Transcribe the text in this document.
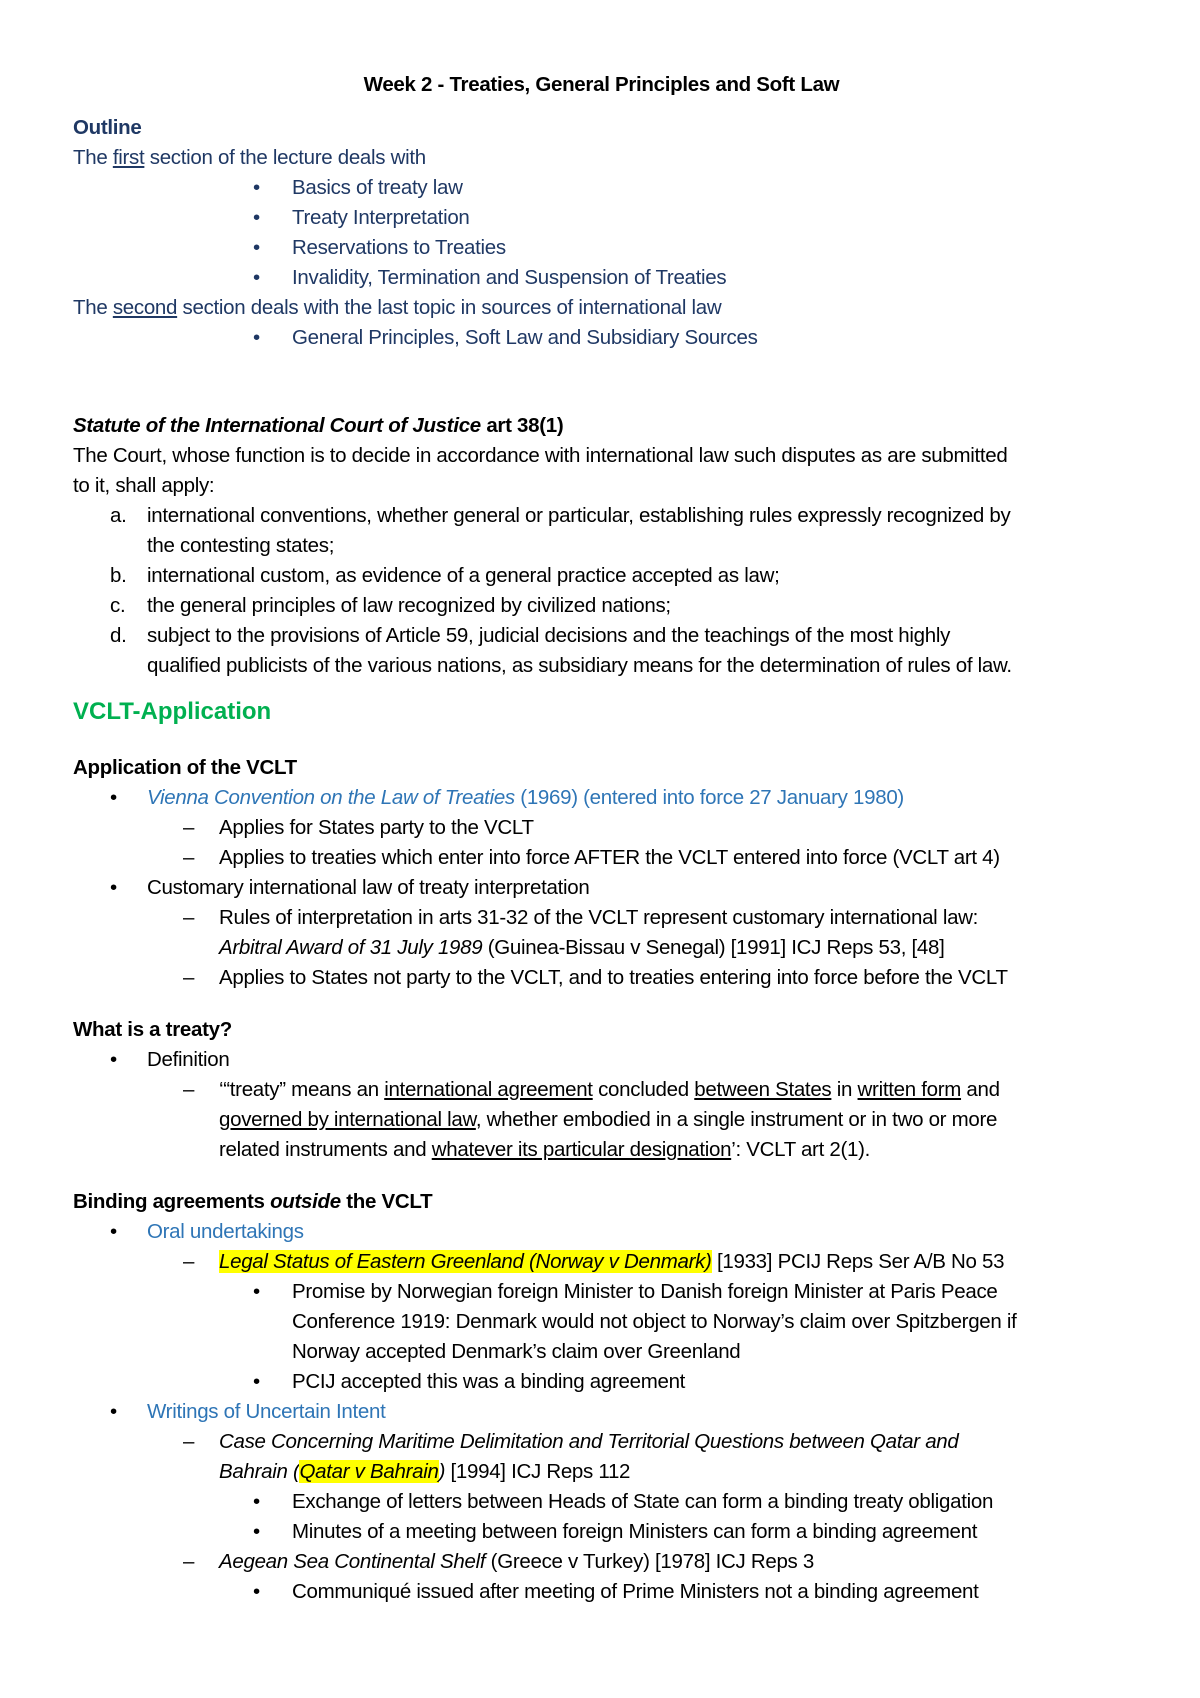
Week 2 - Treaties, General Principles and Soft Law

Outline

The first section of the lecture deals with

• Basics of treaty law

• Treaty Interpretation

• Reservations to Treaties

• Invalidity, Termination and Suspension of Treaties

The second section deals with the last topic in sources of international law

• General Principles, Soft Law and Subsidiary Sources

Statute of the International Court of Justice art 38(1)

The Court, whose function is to decide in accordance with international law such disputes as are submitted

to it, shall apply:

a. international conventions, whether general or particular, establishing rules expressly recognized by

the contesting states;

b. international custom, as evidence of a general practice accepted as law;

c. the general principles of law recognized by civilized nations;

d. subject to the provisions of Article 59, judicial decisions and the teachings of the most highly

qualified publicists of the various nations, as subsidiary means for the determination of rules of law.

VCLT-Application

Application of the VCLT

• Vienna Convention on the Law of Treaties (1969) (entered into force 27 January 1980)

– Applies for States party to the VCLT

– Applies to treaties which enter into force AFTER the VCLT entered into force (VCLT art 4)

• Customary international law of treaty interpretation

– Rules of interpretation in arts 31-32 of the VCLT represent customary international law:

Arbitral Award of 31 July 1989 (Guinea-Bissau v Senegal) [1991] ICJ Reps 53, [48]

– Applies to States not party to the VCLT, and to treaties entering into force before the VCLT

What is a treaty?

• Definition

– ‘“treaty” means an international agreement concluded between States in written form and

governed by international law, whether embodied in a single instrument or in two or more

related instruments and whatever its particular designation’: VCLT art 2(1).

Binding agreements outside the VCLT

• Oral undertakings

– Legal Status of Eastern Greenland (Norway v Denmark) [1933] PCIJ Reps Ser A/B No 53

• Promise by Norwegian foreign Minister to Danish foreign Minister at Paris Peace

Conference 1919: Denmark would not object to Norway’s claim over Spitzbergen if

Norway accepted Denmark’s claim over Greenland

• PCIJ accepted this was a binding agreement

• Writings of Uncertain Intent

– Case Concerning Maritime Delimitation and Territorial Questions between Qatar and

Bahrain (Qatar v Bahrain) [1994] ICJ Reps 112

• Exchange of letters between Heads of State can form a binding treaty obligation

• Minutes of a meeting between foreign Ministers can form a binding agreement

– Aegean Sea Continental Shelf (Greece v Turkey) [1978] ICJ Reps 3

• Communiqué issued after meeting of Prime Ministers not a binding agreement
